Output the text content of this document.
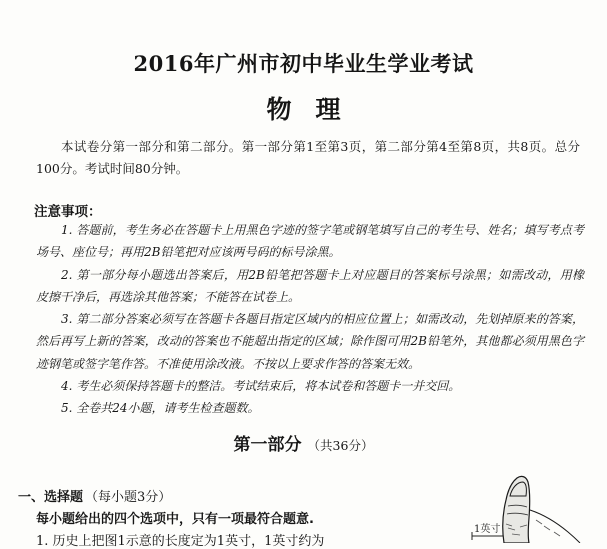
2016年广州市初中毕业生学业考试
物理
本试卷分第一部分和第二部分。第一部分第1至第3页，第二部分第4至第8页，共8页。总分100分。考试时间80分钟。
注意事项：
1. 答题前，考生务必在答题卡上用黑色字迹的签字笔或钢笔填写自己的考生号、姓名；填写考点考场号、座位号；再用2B铅笔把对应该两号码的标号涂黑。
2. 第一部分每小题选出答案后，用2B铅笔把答题卡上对应题目的答案标号涂黑；如需改动，用橡皮擦干净后，再选涂其他答案；不能答在试卷上。
3. 第二部分答案必须写在答题卡各题目指定区域内的相应位置上；如需改动，先划掉原来的答案，然后再写上新的答案，改动的答案也不能超出指定的区域；除作图可用2B铅笔外，其他都必须用黑色字迹钢笔或签字笔作答。不准使用涂改液。不按以上要求作答的答案无效。
4. 考生必须保持答题卡的整洁。考试结束后，将本试卷和答题卡一并交回。
5. 全卷共24小题，请考生检查题数。
第一部分 （共36分）
一、选择题 （每小题3分）
每小题给出的四个选项中，只有一项最符合题意.
1. 历史上把图1示意的长度定为1英寸，1英寸约为
1英寸
